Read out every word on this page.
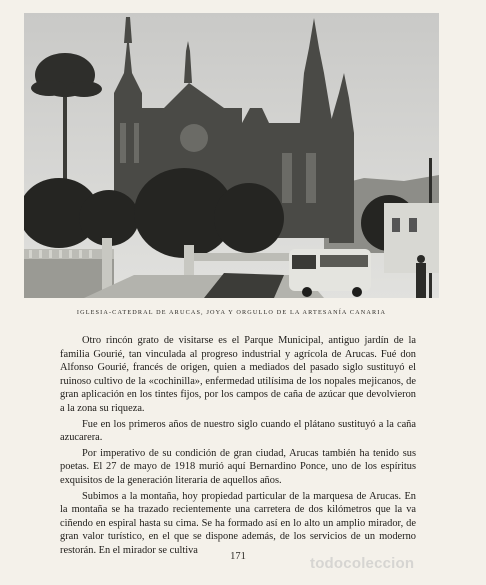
IGLESIA-CATEDRAL DE ARUCAS, JOYA Y ORGULLO DE LA ARTESANÍA CANARIA

Otro rincón grato de visitarse es el Parque Municipal, antiguo jardín de la familia Gourié, tan vinculada al progreso industrial y agrícola de Arucas. Fué don Alfonso Gourié, francés de origen, quien a mediados del pasado siglo sustituyó el ruinoso cultivo de la «cochinilla», enfermedad utilísima de los nopales mejicanos, de gran aplicación en los tintes fijos, por los campos de caña de azúcar que devolvieron a la zona su riqueza.

Fue en los primeros años de nuestro siglo cuando el plátano sustituyó a la caña azucarera.

Por imperativo de su condición de gran ciudad, Arucas también ha tenido sus poetas. El 27 de mayo de 1918 murió aquí Bernardino Ponce, uno de los espíritus exquisitos de la generación literaria de aquellos años.

Subimos a la montaña, hoy propiedad particular de la marquesa de Arucas. En la montaña se ha trazado recientemente una carretera de dos kilómetros que la va ciñendo en espiral hasta su cima. Se ha formado así en lo alto un amplio mirador, de gran valor turístico, en el que se dispone además, de los servicios de un moderno restorán. En el mirador se cultiva

171	todocoleccion
